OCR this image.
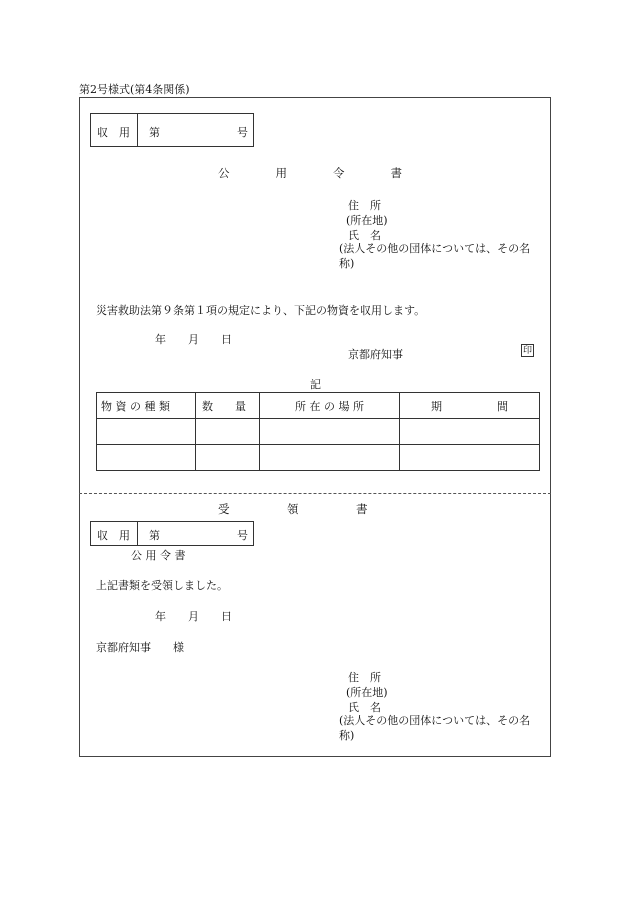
第2号様式(第4条関係)
収　用 第　　　　　　　号
公　　　　用　　　　令　　　　書
住　所
(所在地)
氏　名
(法人その他の団体については、その名称)
災害救助法第９条第１項の規定により、下記の物資を収用します。
年　　月　　日
京都府知事	印
記
物 資 の 種 類	数　　量	所 在 の 場 所	期　　　　　間

受　　　　　領　　　　　書
収　用 第　　　　　　　号
公 用 令 書
上記書類を受領しました。
年　　月　　日
京都府知事　　様
住　所
(所在地)
氏　名
(法人その他の団体については、その名称)
